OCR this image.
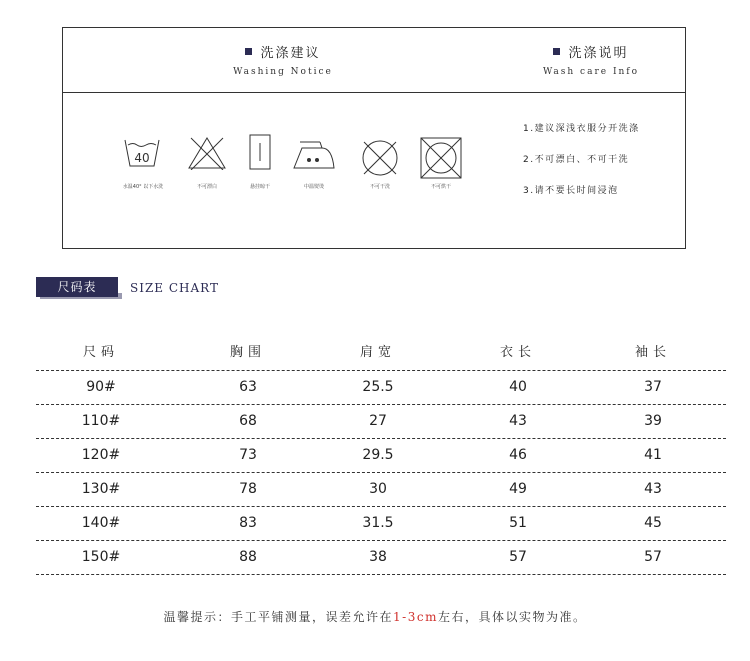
洗涤建议
Washing Notice
洗涤说明
Wash care Info
40
水温40° 以下水洗	不可漂白	悬挂晾干	中温熨烫	不可干洗	不可烘干
1.建议深浅衣服分开洗涤
2.不可漂白、不可干洗
3.请不要长时间浸泡
尺码表	SIZE CHART
尺码	胸围	肩宽	衣长	袖长
90#	63	25.5	40	37
110#	68	27	43	39
120#	73	29.5	46	41
130#	78	30	49	43
140#	83	31.5	51	45
150#	88	38	57	57
温馨提示：手工平铺测量，误差允许在1-3cm左右，具体以实物为准。
